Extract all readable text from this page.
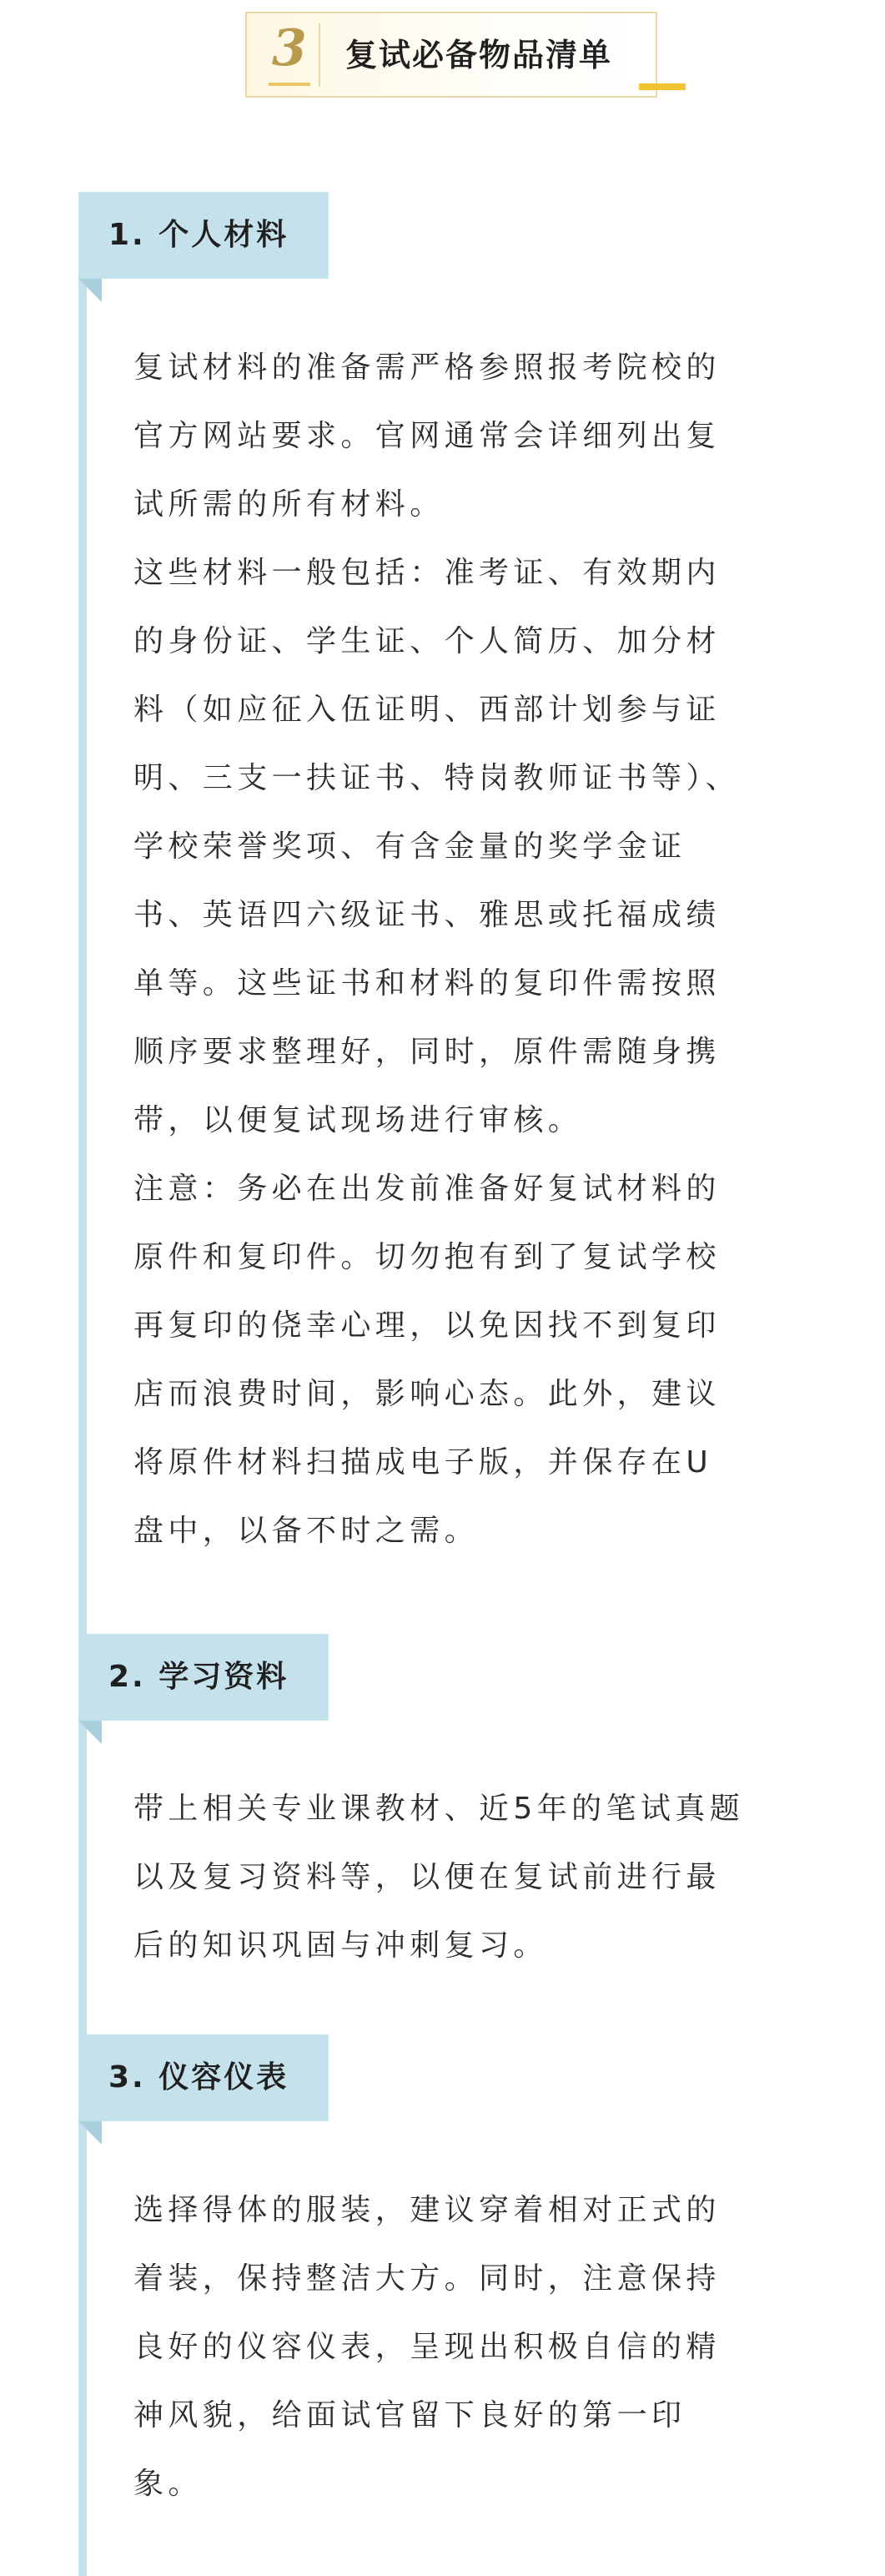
复试必备物品清单
3
1. 个人材料

复试材料的准备需严格参照报考院校的
官方网站要求。官网通常会详细列出复
试所需的所有材料。

这些材料一般包括：准考证、有效期内
的身份证、学生证、个人简历、加分材
料（如应征入伍证明、西部计划参与证
明、三支一扶证书、特岗教师证书等）、
学校荣誉奖项、有含金量的奖学金证
书、英语四六级证书、雅思或托福成绩
单等。这些证书和材料的复印件需按照
顺序要求整理好，同时，原件需随身携
带，以便复试现场进行审核。

注意：务必在出发前准备好复试材料的
原件和复印件。切勿抱有到了复试学校
再复印的侥幸心理，以免因找不到复印
店而浪费时间，影响心态。此外，建议
将原件材料扫描成电子版，并保存在U
盘中，以备不时之需。

2. 学习资料

带上相关专业课教材、近5年的笔试真题
以及复习资料等，以便在复试前进行最
后的知识巩固与冲刺复习。

3. 仪容仪表

选择得体的服装，建议穿着相对正式的
着装，保持整洁大方。同时，注意保持
良好的仪容仪表，呈现出积极自信的精
神风貌，给面试官留下良好的第一印
象。
